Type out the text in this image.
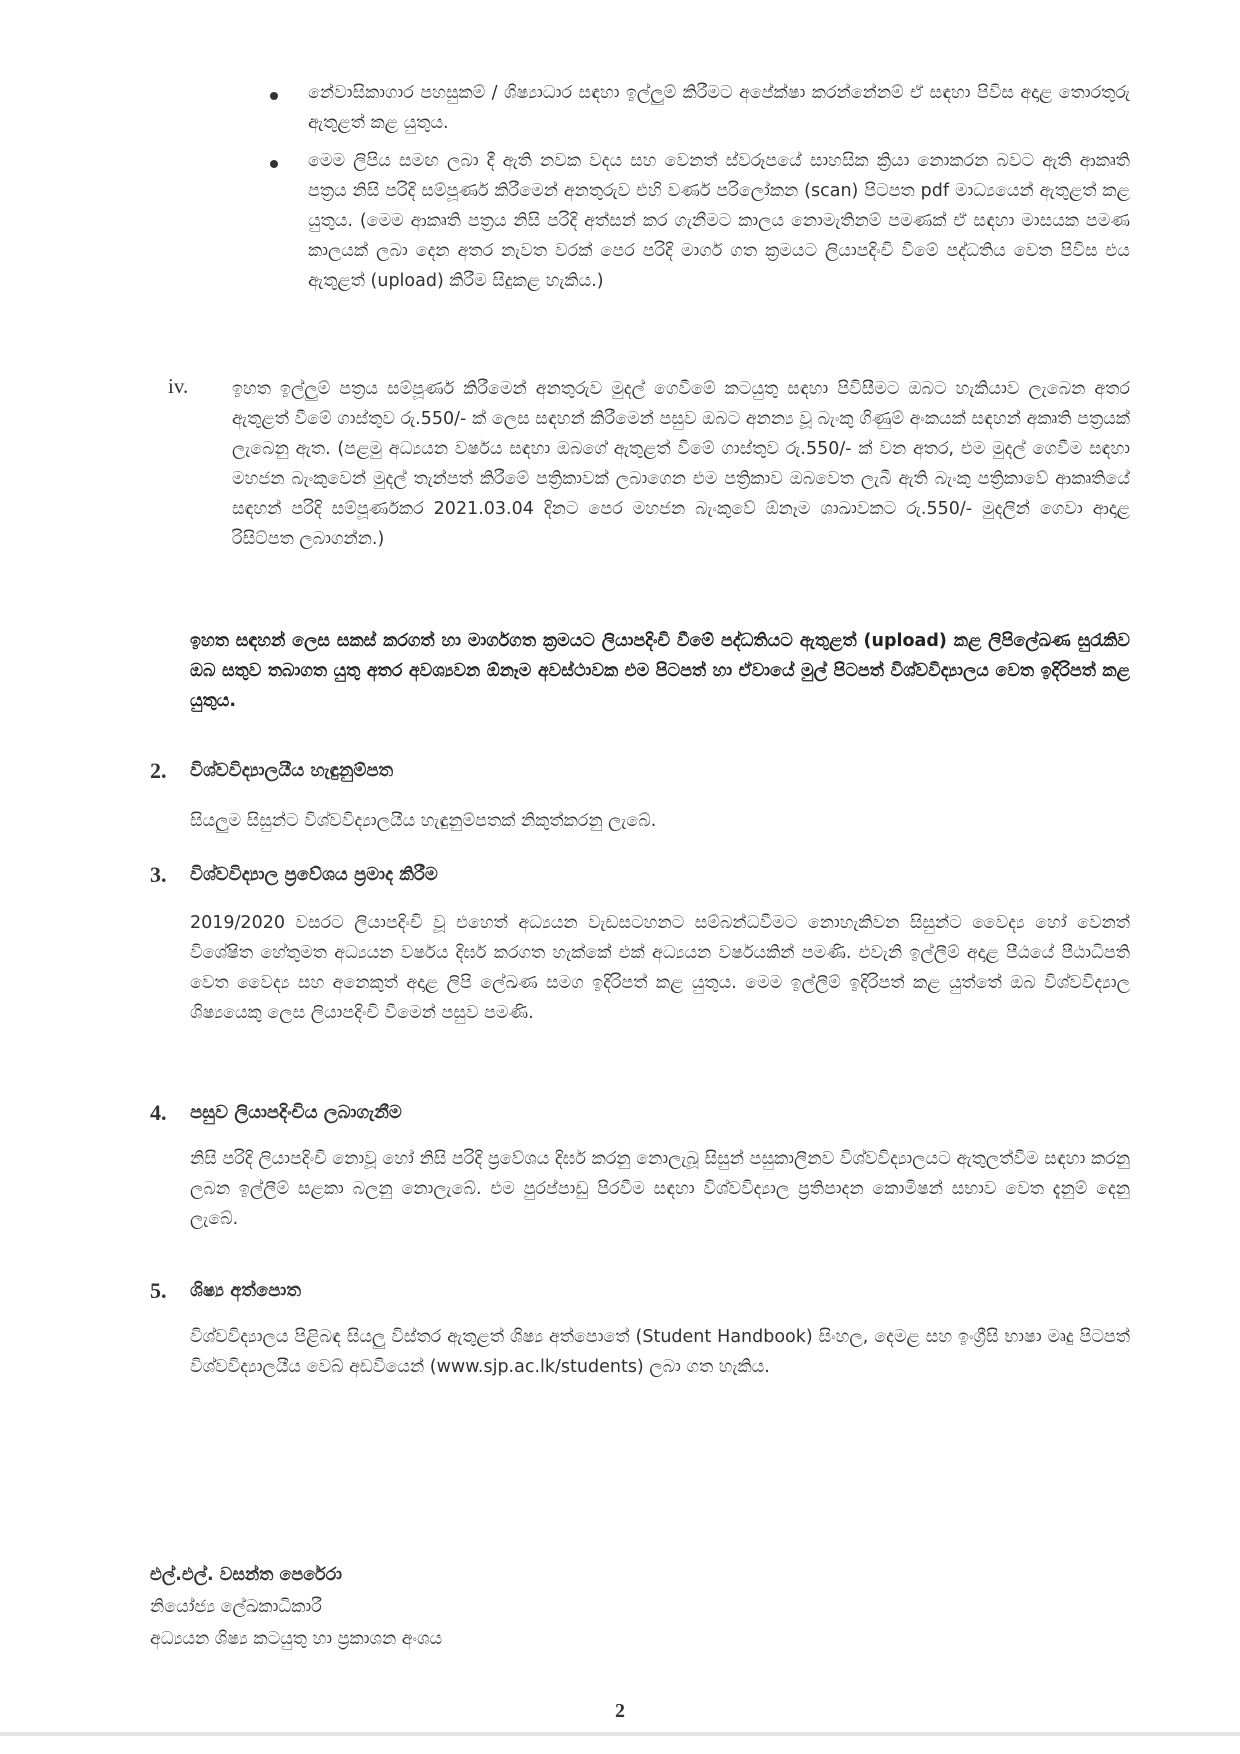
නේවාසිකාගාර පහසුකම් / ශිෂ්‍යාධාර සඳහා ඉල්ලුම් කිරීමට අපේක්ෂා කරන්නේනම් ඒ සඳහා පිවිස අදාළ තොරතුරු ඇතුළත් කළ යුතුය.
මෙම ලිපිය සමඟ ලබා දී ඇති නවක වදය සහ වෙනත් ස්වරූපයේ සාහසික ක්‍රියා නොකරන බවට ඇති ආකෘති පත්‍රය නිසි පරිදි සම්පූර්ණ කිරීමෙන් අනතුරුව එහි වර්ණ පරිලෝකන (scan) පිටපත pdf මාධ්‍යයෙන් ඇතුළත් කළ යුතුය. (මෙම ආකෘති පත්‍රය නිසි පරිදි අත්සන් කර ගැනීමට කාලය නොමැතිනම් පමණක් ඒ සඳහා මාසයක පමණ කාලයක් ලබා දෙන අතර නැවත වරක් පෙර පරිදි මාර්ග ගත ක්‍රමයට ලියාපදිංචි වීමේ පද්ධතිය වෙත පිවිස එය ඇතුළත් (upload) කිරීම සිදුකළ හැකිය.)
iv.	ඉහත ඉල්ලුම් පත්‍රය සම්පූර්ණ කිරීමෙන් අනතුරුව මුදල් ගෙවීමේ කටයුතු සඳහා පිවිසීමට ඔබට හැකියාව ලැබෙන අතර ඇතුළත් වීමේ ගාස්තුව රු.550/- ක් ලෙස සඳහන් කිරීමෙන් පසුව ඔබට අනන්‍ය වූ බැංකු ගිණුම් අංකයක් සඳහන් අකෘති පත්‍රයක් ලැබෙනු ඇත. (පළමු අධ්‍යයන වර්ෂය සඳහා ඔබගේ ඇතුළත් වීමේ ගාස්තුව රු.550/- ක් වන අතර, එම මුදල් ගෙවීම සඳහා මහජන බැංකුවෙන් මුදල් තැන්පත් කිරීමේ පත්‍රිකාවක් ලබාගෙන එම පත්‍රිකාව ඔබවෙත ලැබී ඇති බැංකු පත්‍රිකාවේ ආකෘතියේ සඳහන් පරිදි සම්පූර්ණකර 2021.03.04 දිනට පෙර මහජන බැංකුවේ ඕනෑම ශාඛාවකට රු.550/- මුදලින් ගෙවා ආදාළ රිසිට්පත ලබාගන්න.)
ඉහත සඳහන් ලෙස සකස් කරගත් හා මාර්ගගත ක්‍රමයට ලියාපදිංචි වීමේ පද්ධතියට ඇතුළත් (upload) කළ ලිපිලේඛණ සුරැකිව ඔබ සතුව තබාගත යුතු අතර අවශ්‍යවන ඕනෑම අවස්ථාවක එම පිටපත් හා ඒවායේ මුල් පිටපත් විශ්වවිද්‍යාලය වෙත ඉදිරිපත් කළ යුතුය.
2. විශ්වවිද්‍යාලයීය හැඳුනුම්පත
සියලුම සිසුන්ට විශ්වවිද්‍යාලයීය හැඳුනුම්පතක් නිකුත්කරනු ලැබේ.
3. විශ්වවිද්‍යාල ප්‍රවේශය ප්‍රමාද කිරීම
2019/2020 වසරට ලියාපදිංචි වූ එහෙත් අධ්‍යයන වැඩසටහනට සම්බන්ධවීමට නොහැකිවන සිසුන්ට වෛද්‍ය හෝ වෙනත් විශේෂිත හේතුමත අධ්‍යයන වර්ෂය දිර්ඝ කරගත හැක්කේ එක් අධ්‍යයන වර්ෂයකින් පමණි. එවැනි ඉල්ලීම් අදාළ පීඨයේ පීඨාධිපති වෙත වෛද්‍ය සහ අනෙකුත් අදාළ ලිපි ලේඛණ සමග ඉදිරිපත් කළ යුතුය. මෙම ඉල්ලීම් ඉදිරිපත් කළ යුත්තේ ඔබ විශ්වවිද්‍යාල ශිෂ්‍යයෙකු ලෙස ලියාපදිංචි වීමෙන් පසුව පමණි.
4. පසුව ලියාපදිංචිය ලබාගැනීම
නිසි පරිදි ලියාපදිංචි නොවූ හෝ නිසි පරිදි ප්‍රවේශය දිර්ඝ කරනු නොලැබූ සිසුන් පසුකාලීනව විශ්වවිද්‍යාලයට ඇතුලත්වීම සඳහා කරනු ලබන ඉල්ලීම් සළකා බලනු නොලැබේ. එම පුරප්පාඩු පිරවීම සඳහා විශ්වවිද්‍යාල ප්‍රතිපාදන කොමිෂන් සභාව වෙත දැනුම් දෙනු ලැබේ.
5. ශිෂ්‍ය අත්පොත
විශ්වවිද්‍යාලය පිළිබඳ සියලු විස්තර ඇතුළත් ශිෂ්‍ය අත්පොතේ (Student Handbook) සිංහල, දෙමළ සහ ඉංග්‍රීසි භාෂා මෘදු පිටපත් විශ්වවිද්‍යාලයීය වෙබ් අඩවියෙන් (www.sjp.ac.lk/students) ලබා ගත හැකිය.
එල්.එල්. වසන්ත පෙරේරා
නියෝජ්‍ය ලේඛකාධිකාරී
අධ්‍යයන ශිෂ්‍ය කටයුතු හා ප්‍රකාශන අංශය
2
